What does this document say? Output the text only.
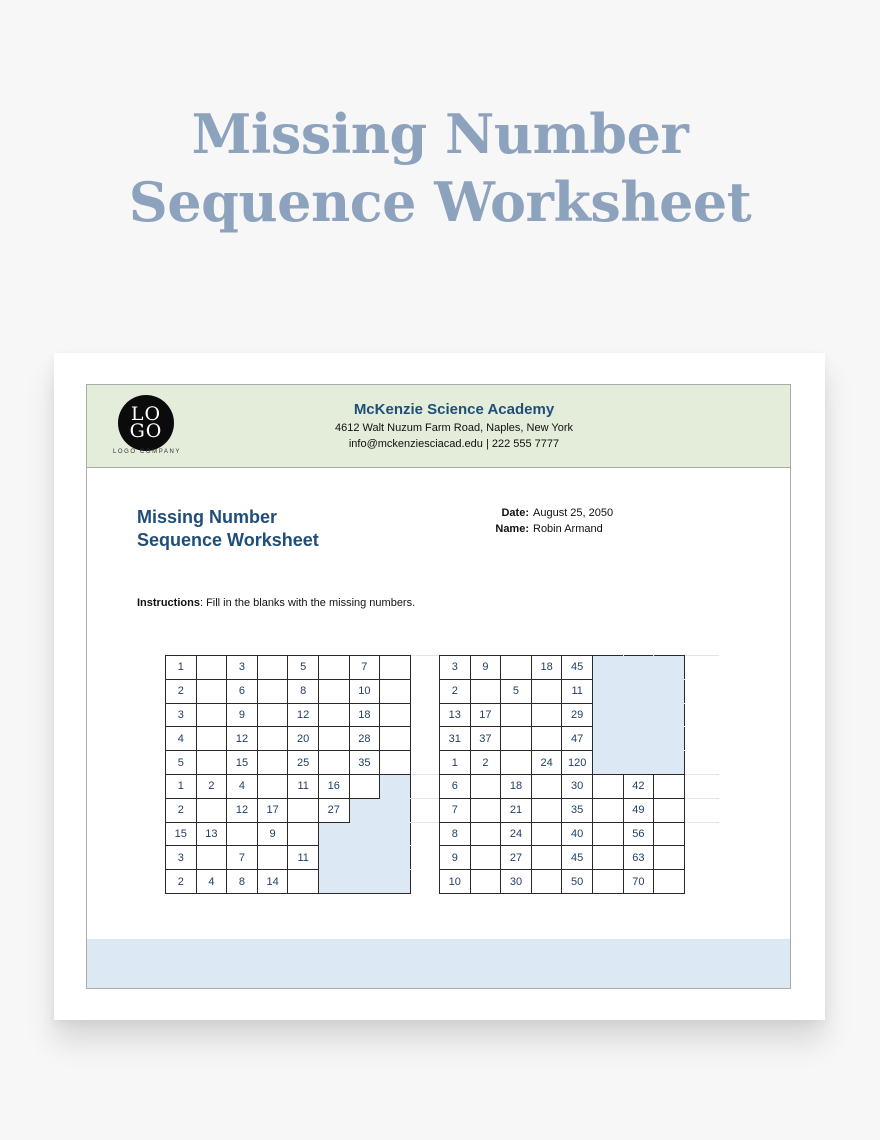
Missing Number
Sequence Worksheet
LO
GO
LOGO COMPANY
McKenzie Science Academy
4612 Walt Nuzum Farm Road, Naples, New York
info@mckenziesciacad.edu | 222 555 7777
Missing Number
Sequence Worksheet
Date: August 25, 2050
Name: Robin Armand
Instructions: Fill in the blanks with the missing numbers.
1		3		5		7	
2		6		8		10	
3		9		12		18	
4		12		20		28	
5		15		25		35	
1	2	4		11	16		
2		12	17		27		
15	13		9				
3		7		11			
2	4	8	14				
3	9		18	45			
2		5		11			
13	17			29			
31	37			47			
1	2		24	120			
6		18		30		42	
7		21		35		49	
8		24		40		56	
9		27		45		63	
10		30		50		70	
